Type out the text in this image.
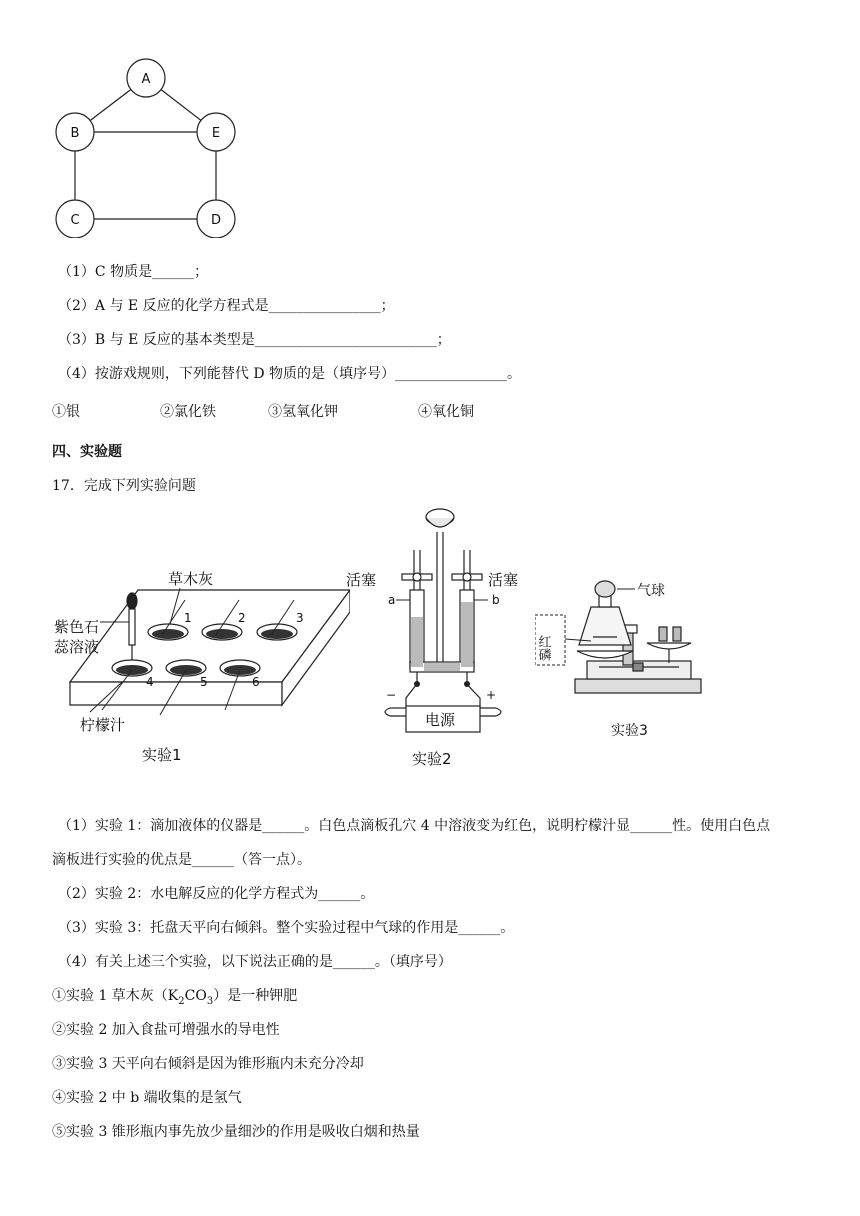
A
B
C	D
E
（1）C 物质是______；
（2）A 与 E 反应的化学方程式是________________；
（3）B 与 E 反应的基本类型是__________________________；
（4）按游戏规则，下列能替代 D 物质的是（填序号）________________。
①银	②氯化铁	③氢氧化钾	④氧化铜
四、实验题
17．完成下列实验问题
1	2	3
4	5	6
草木灰
紫色石
蕊溶液
柠檬汁
实验1
电源
活塞	活塞
实验2
a	b
−	+
气球
实验3
红磷
（1）实验 1：滴加液体的仪器是______。白色点滴板孔穴 4 中溶液变为红色，说明柠檬汁显______性。使用白色点
滴板进行实验的优点是______（答一点）。
（2）实验 2：水电解反应的化学方程式为______。
（3）实验 3：托盘天平向右倾斜。整个实验过程中气球的作用是______。
（4）有关上述三个实验，以下说法正确的是______。（填序号）
①实验 1 草木灰$(K_2CO_3)$是一种钾肥
②实验 2 加入食盐可增强水的导电性
③实验 3 天平向右倾斜是因为锥形瓶内未充分冷却
④实验 2 中 b 端收集的是氢气
⑤实验 3 锥形瓶内事先放少量细沙的作用是吸收白烟和热量
